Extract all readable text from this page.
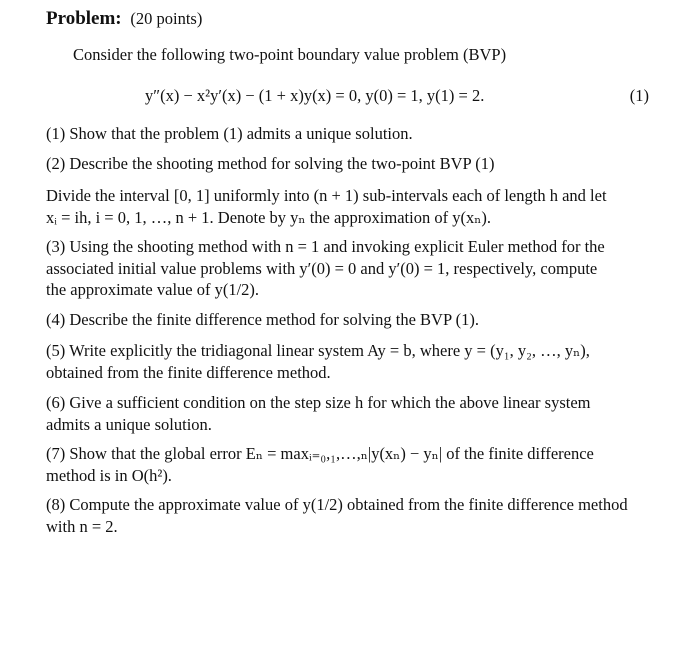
Problem: (20 points)
Consider the following two-point boundary value problem (BVP)
y″(x) − x²y′(x) − (1 + x)y(x) = 0, y(0) = 1, y(1) = 2.	(1)
(1) Show that the problem (1) admits a unique solution.
(2) Describe the shooting method for solving the two-point BVP (1)
Divide the interval [0, 1] uniformly into (n + 1) sub-intervals each of length h and let
xᵢ = ih, i = 0, 1, …, n + 1. Denote by yₙ the approximation of y(xₙ).
(3) Using the shooting method with n = 1 and invoking explicit Euler method for the
associated initial value problems with y′(0) = 0 and y′(0) = 1, respectively, compute
the approximate value of y(1/2).
(4) Describe the finite difference method for solving the BVP (1).
(5) Write explicitly the tridiagonal linear system Ay = b, where y = (y₁, y₂, …, yₙ),
obtained from the finite difference method.
(6) Give a sufficient condition on the step size h for which the above linear system
admits a unique solution.
(7) Show that the global error Eₙ = maxᵢ₌₀,₁,…,ₙ|y(xₙ) − yₙ| of the finite difference
method is in O(h²).
(8) Compute the approximate value of y(1/2) obtained from the finite difference method
with n = 2.
